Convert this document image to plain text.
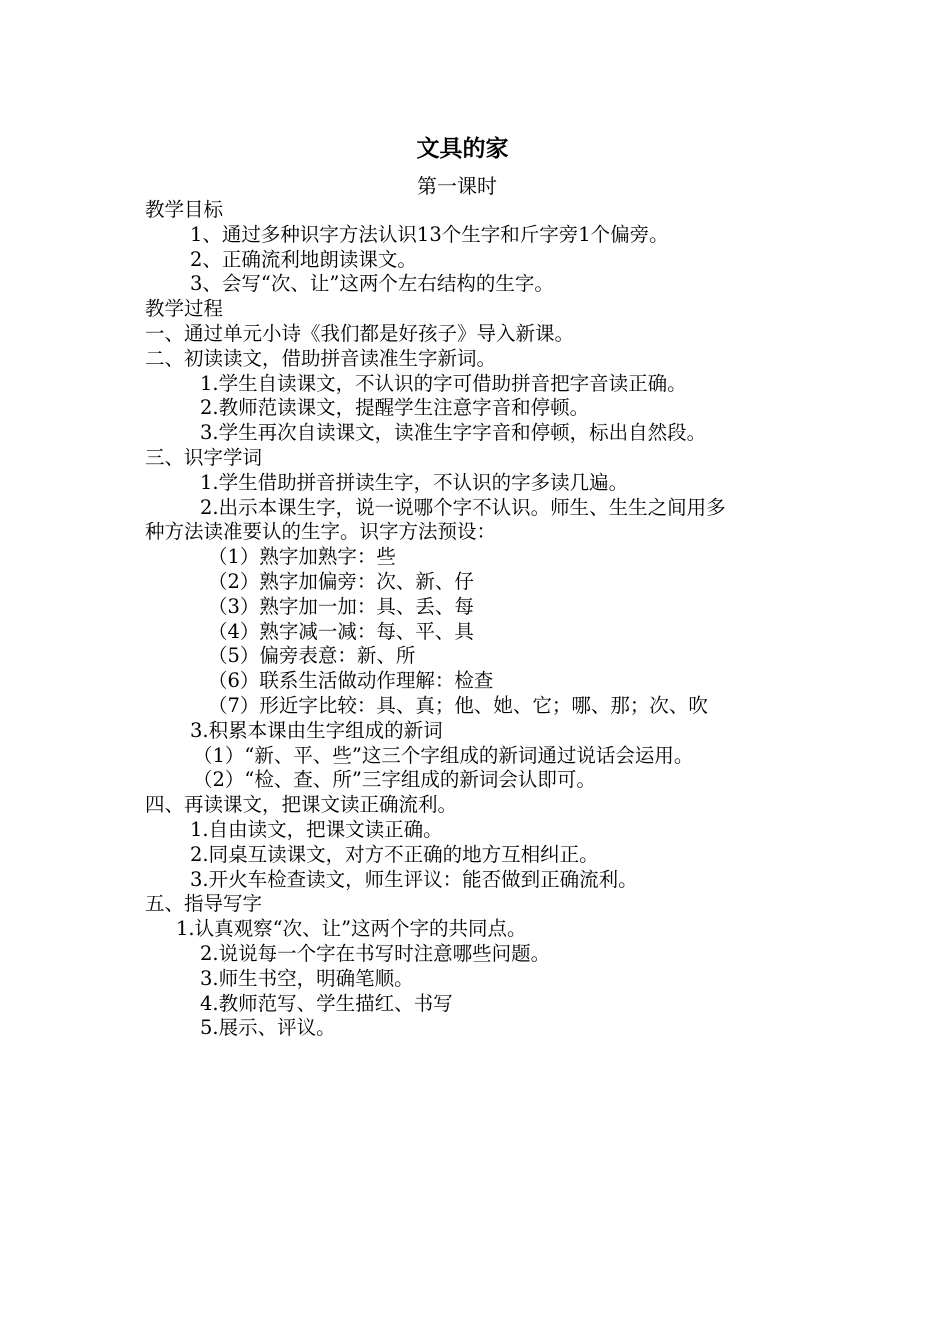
文具的家
第一课时
教学目标
1、通过多种识字方法认识13个生字和斤字旁1个偏旁。
2、正确流利地朗读课文。
3、会写“次、让”这两个左右结构的生字。
教学过程
一、通过单元小诗《我们都是好孩子》导入新课。
二、初读读文，借助拼音读准生字新词。
1.学生自读课文，不认识的字可借助拼音把字音读正确。
2.教师范读课文，提醒学生注意字音和停顿。
3.学生再次自读课文，读准生字字音和停顿，标出自然段。
三、识字学词
1.学生借助拼音拼读生字，不认识的字多读几遍。
2.出示本课生字，说一说哪个字不认识。师生、生生之间用多
种方法读准要认的生字。识字方法预设：
（1）熟字加熟字：些
（2）熟字加偏旁：次、新、仔
（3）熟字加一加：具、丢、每
（4）熟字减一减：每、平、具
（5）偏旁表意：新、所
（6）联系生活做动作理解：检查
（7）形近字比较：具、真；他、她、它；哪、那；次、吹
3.积累本课由生字组成的新词
（1）“新、平、些”这三个字组成的新词通过说话会运用。
（2）“检、查、所”三字组成的新词会认即可。
四、再读课文，把课文读正确流利。
1.自由读文，把课文读正确。
2.同桌互读课文，对方不正确的地方互相纠正。
3.开火车检查读文，师生评议：能否做到正确流利。
五、指导写字
1.认真观察“次、让”这两个字的共同点。
2.说说每一个字在书写时注意哪些问题。
3.师生书空，明确笔顺。
4.教师范写、学生描红、书写
5.展示、评议。
